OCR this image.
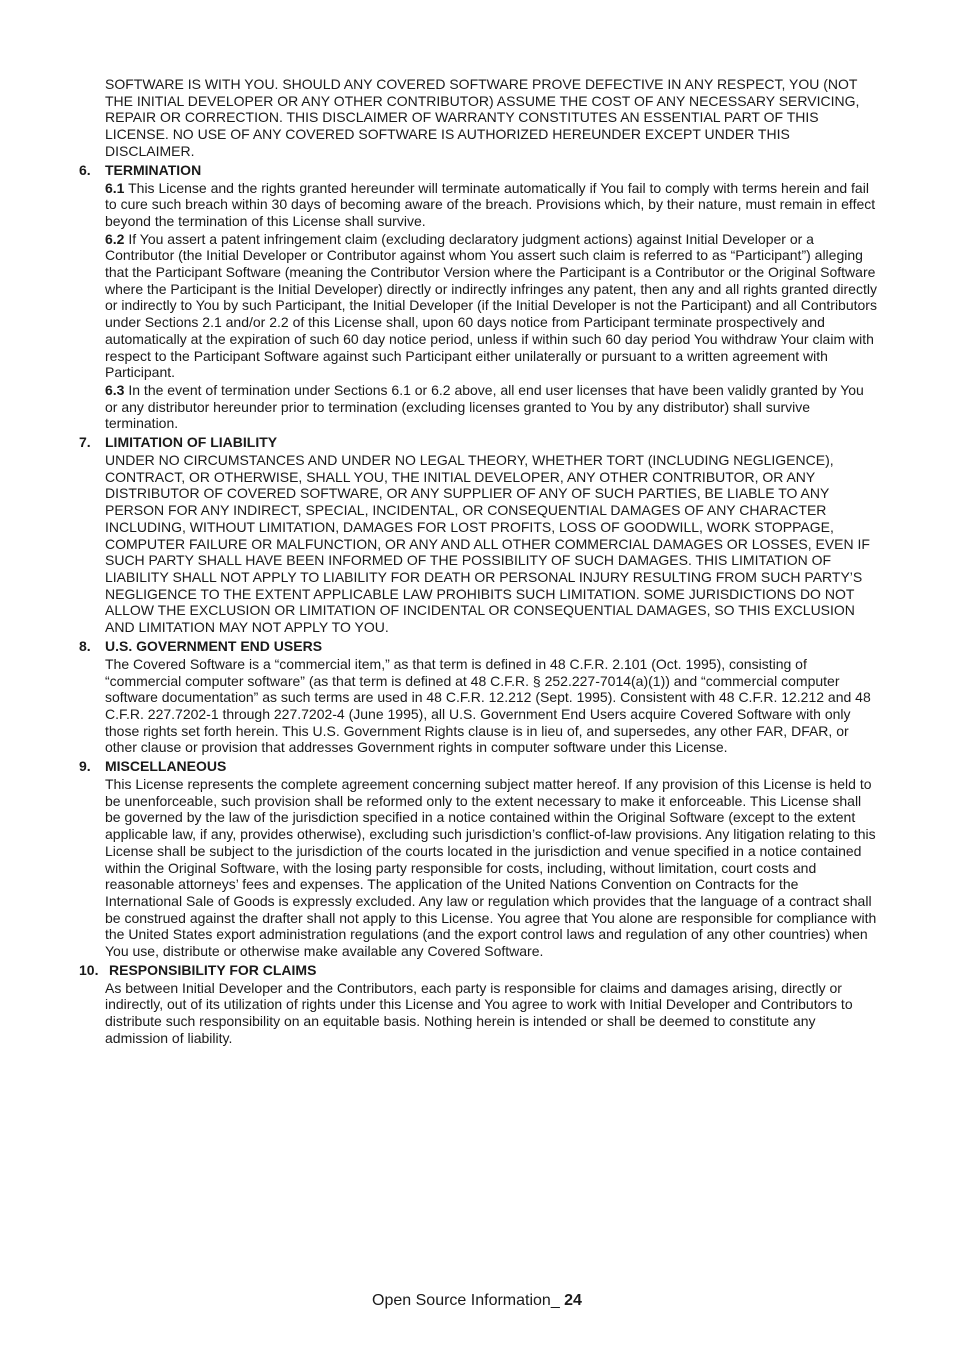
SOFTWARE IS WITH YOU. SHOULD ANY COVERED SOFTWARE PROVE DEFECTIVE IN ANY RESPECT, YOU (NOT THE INITIAL DEVELOPER OR ANY OTHER CONTRIBUTOR) ASSUME THE COST OF ANY NECESSARY SERVICING, REPAIR OR CORRECTION. THIS DISCLAIMER OF WARRANTY CONSTITUTES AN ESSENTIAL PART OF THIS LICENSE. NO USE OF ANY COVERED SOFTWARE IS AUTHORIZED HEREUNDER EXCEPT UNDER THIS DISCLAIMER.

6. TERMINATION

6.1 This License and the rights granted hereunder will terminate automatically if You fail to comply with terms herein and fail to cure such breach within 30 days of becoming aware of the breach. Provisions which, by their nature, must remain in effect beyond the termination of this License shall survive.

6.2 If You assert a patent infringement claim (excluding declaratory judgment actions) against Initial Developer or a Contributor (the Initial Developer or Contributor against whom You assert such claim is referred to as “Participant”) alleging that the Participant Software (meaning the Contributor Version where the Participant is a Contributor or the Original Software where the Participant is the Initial Developer) directly or indirectly infringes any patent, then any and all rights granted directly or indirectly to You by such Participant, the Initial Developer (if the Initial Developer is not the Participant) and all Contributors under Sections 2.1 and/or 2.2 of this License shall, upon 60 days notice from Participant terminate prospectively and automatically at the expiration of such 60 day notice period, unless if within such 60 day period You withdraw Your claim with respect to the Participant Software against such Participant either unilaterally or pursuant to a written agreement with Participant.

6.3 In the event of termination under Sections 6.1 or 6.2 above, all end user licenses that have been validly granted by You or any distributor hereunder prior to termination (excluding licenses granted to You by any distributor) shall survive termination.

7. LIMITATION OF LIABILITY

UNDER NO CIRCUMSTANCES AND UNDER NO LEGAL THEORY, WHETHER TORT (INCLUDING NEGLIGENCE), CONTRACT, OR OTHERWISE, SHALL YOU, THE INITIAL DEVELOPER, ANY OTHER CONTRIBUTOR, OR ANY DISTRIBUTOR OF COVERED SOFTWARE, OR ANY SUPPLIER OF ANY OF SUCH PARTIES, BE LIABLE TO ANY PERSON FOR ANY INDIRECT, SPECIAL, INCIDENTAL, OR CONSEQUENTIAL DAMAGES OF ANY CHARACTER INCLUDING, WITHOUT LIMITATION, DAMAGES FOR LOST PROFITS, LOSS OF GOODWILL, WORK STOPPAGE, COMPUTER FAILURE OR MALFUNCTION, OR ANY AND ALL OTHER COMMERCIAL DAMAGES OR LOSSES, EVEN IF SUCH PARTY SHALL HAVE BEEN INFORMED OF THE POSSIBILITY OF SUCH DAMAGES. THIS LIMITATION OF LIABILITY SHALL NOT APPLY TO LIABILITY FOR DEATH OR PERSONAL INJURY RESULTING FROM SUCH PARTY’S NEGLIGENCE TO THE EXTENT APPLICABLE LAW PROHIBITS SUCH LIMITATION. SOME JURISDICTIONS DO NOT ALLOW THE EXCLUSION OR LIMITATION OF INCIDENTAL OR CONSEQUENTIAL DAMAGES, SO THIS EXCLUSION AND LIMITATION MAY NOT APPLY TO YOU.

8. U.S. GOVERNMENT END USERS

The Covered Software is a “commercial item,” as that term is defined in 48 C.F.R. 2.101 (Oct. 1995), consisting of “commercial computer software” (as that term is defined at 48 C.F.R. § 252.227-7014(a)(1)) and “commercial computer software documentation” as such terms are used in 48 C.F.R. 12.212 (Sept. 1995). Consistent with 48 C.F.R. 12.212 and 48 C.F.R. 227.7202-1 through 227.7202-4 (June 1995), all U.S. Government End Users acquire Covered Software with only those rights set forth herein. This U.S. Government Rights clause is in lieu of, and supersedes, any other FAR, DFAR, or other clause or provision that addresses Government rights in computer software under this License.

9. MISCELLANEOUS

This License represents the complete agreement concerning subject matter hereof. If any provision of this License is held to be unenforceable, such provision shall be reformed only to the extent necessary to make it enforceable. This License shall be governed by the law of the jurisdiction specified in a notice contained within the Original Software (except to the extent applicable law, if any, provides otherwise), excluding such jurisdiction’s conflict-of-law provisions. Any litigation relating to this License shall be subject to the jurisdiction of the courts located in the jurisdiction and venue specified in a notice contained within the Original Software, with the losing party responsible for costs, including, without limitation, court costs and reasonable attorneys’ fees and expenses. The application of the United Nations Convention on Contracts for the International Sale of Goods is expressly excluded. Any law or regulation which provides that the language of a contract shall be construed against the drafter shall not apply to this License. You agree that You alone are responsible for compliance with the United States export administration regulations (and the export control laws and regulation of any other countries) when You use, distribute or otherwise make available any Covered Software.

10. RESPONSIBILITY FOR CLAIMS

As between Initial Developer and the Contributors, each party is responsible for claims and damages arising, directly or indirectly, out of its utilization of rights under this License and You agree to work with Initial Developer and Contributors to distribute such responsibility on an equitable basis. Nothing herein is intended or shall be deemed to constitute any admission of liability.

Open Source Information_ 24
